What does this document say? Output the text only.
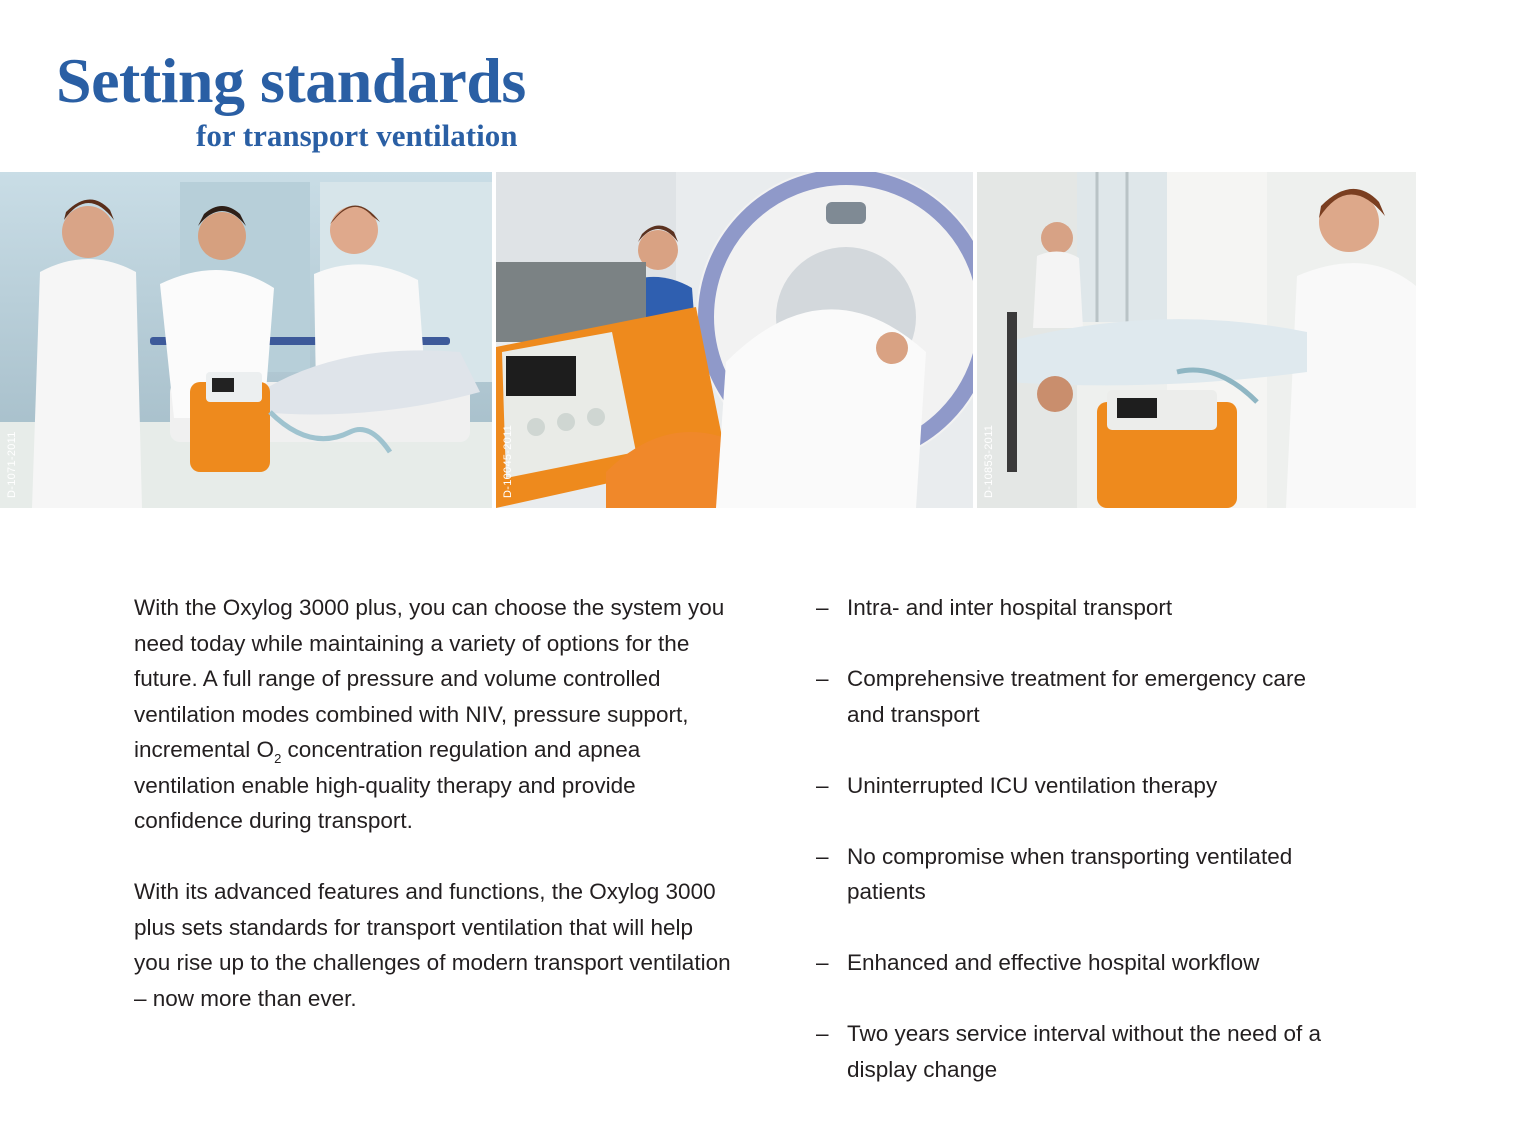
Setting standards
for transport ventilation
D-1071-2011	D-10045-2011	D-10853-2011

With the Oxylog 3000 plus, you can choose the system you need today while maintaining a variety of options for the future. A full range of pressure and volume controlled ventilation modes combined with NIV, pressure support, incremental $O_2$ concentration regulation and apnea ventilation enable high-quality therapy and provide confidence during transport.

With its advanced features and functions, the Oxylog 3000 plus sets standards for transport ventilation that will help you rise up to the challenges of modern transport ventilation – now more than ever.

– Intra- and inter hospital transport
– Comprehensive treatment for emergency care and transport
– Uninterrupted ICU ventilation therapy
– No compromise when transporting ventilated patients
– Enhanced and effective hospital workflow
– Two years service interval without the need of a display change
